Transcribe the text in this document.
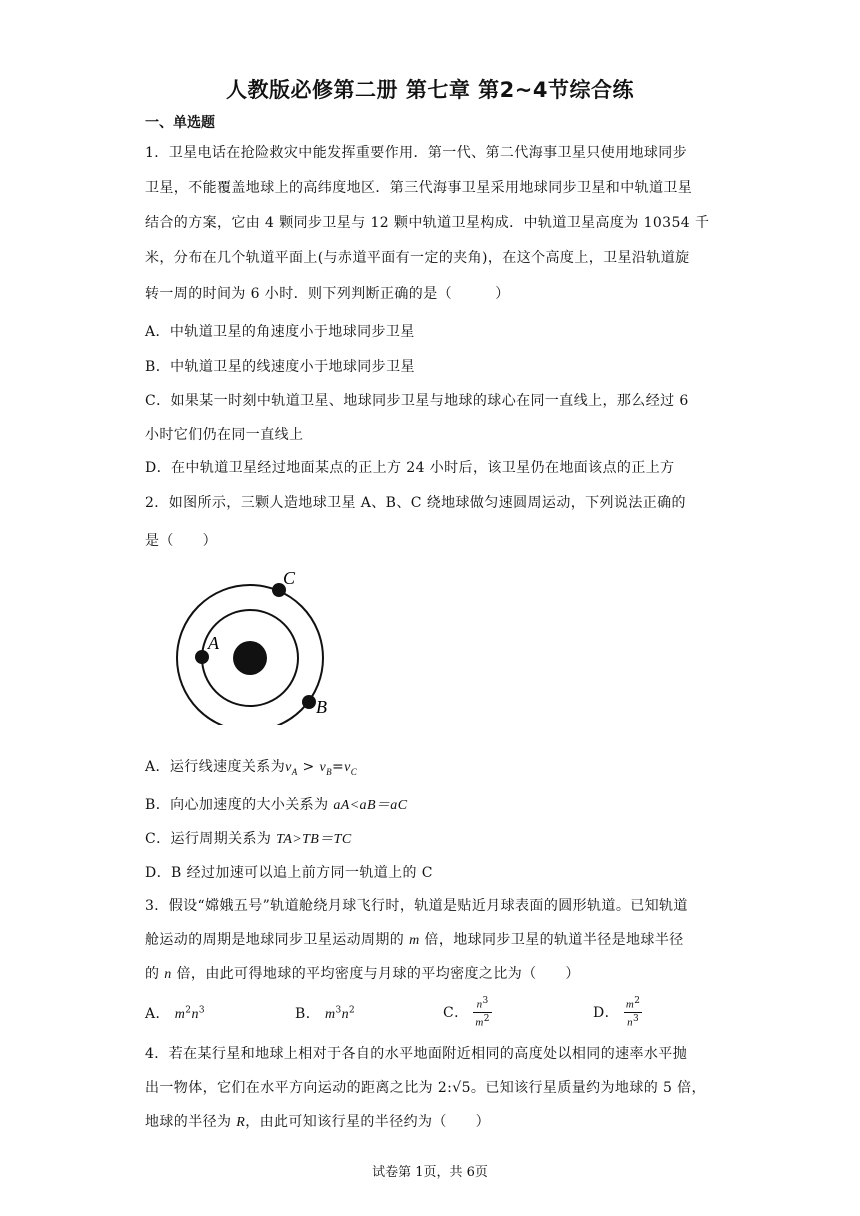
人教版必修第二册 第七章 第2~4节综合练
一、单选题
1．卫星电话在抢险救灾中能发挥重要作用．第一代、第二代海事卫星只使用地球同步
卫星，不能覆盖地球上的高纬度地区．第三代海事卫星采用地球同步卫星和中轨道卫星
结合的方案，它由 4 颗同步卫星与 12 颗中轨道卫星构成．中轨道卫星高度为 10354 千
米，分布在几个轨道平面上(与赤道平面有一定的夹角)，在这个高度上，卫星沿轨道旋
转一周的时间为 6 小时．则下列判断正确的是（　　　）
A．中轨道卫星的角速度小于地球同步卫星
B．中轨道卫星的线速度小于地球同步卫星
C．如果某一时刻中轨道卫星、地球同步卫星与地球的球心在同一直线上，那么经过 6
小时它们仍在同一直线上
D．在中轨道卫星经过地面某点的正上方 24 小时后，该卫星仍在地面该点的正上方
2．如图所示，三颗人造地球卫星 A、B、C 绕地球做匀速圆周运动，下列说法正确的
是（　　）
A
C
B
A．运行线速度关系为$v_A > v_B=v_C$
B．向心加速度的大小关系为 aA<aB＝aC
C．运行周期关系为 TA>TB＝TC
D．B 经过加速可以追上前方同一轨道上的 C
3．假设“嫦娥五号”轨道舱绕月球飞行时，轨道是贴近月球表面的圆形轨道。已知轨道
舱运动的周期是地球同步卫星运动周期的 m 倍，地球同步卫星的轨道半径是地球半径
的 n 倍，由此可得地球的平均密度与月球的平均密度之比为（　　）
A． $m^2n^3$	B． $m^3n^2$	C． $\frac{n^3}{m^2}$	D． $\frac{m^2}{n^3}$
4．若在某行星和地球上相对于各自的水平地面附近相同的高度处以相同的速率水平抛
出一物体，它们在水平方向运动的距离之比为 2:√5。已知该行星质量约为地球的 5 倍，
地球的半径为 R，由此可知该行星的半径约为（　　）
试卷第 1页，共 6页
